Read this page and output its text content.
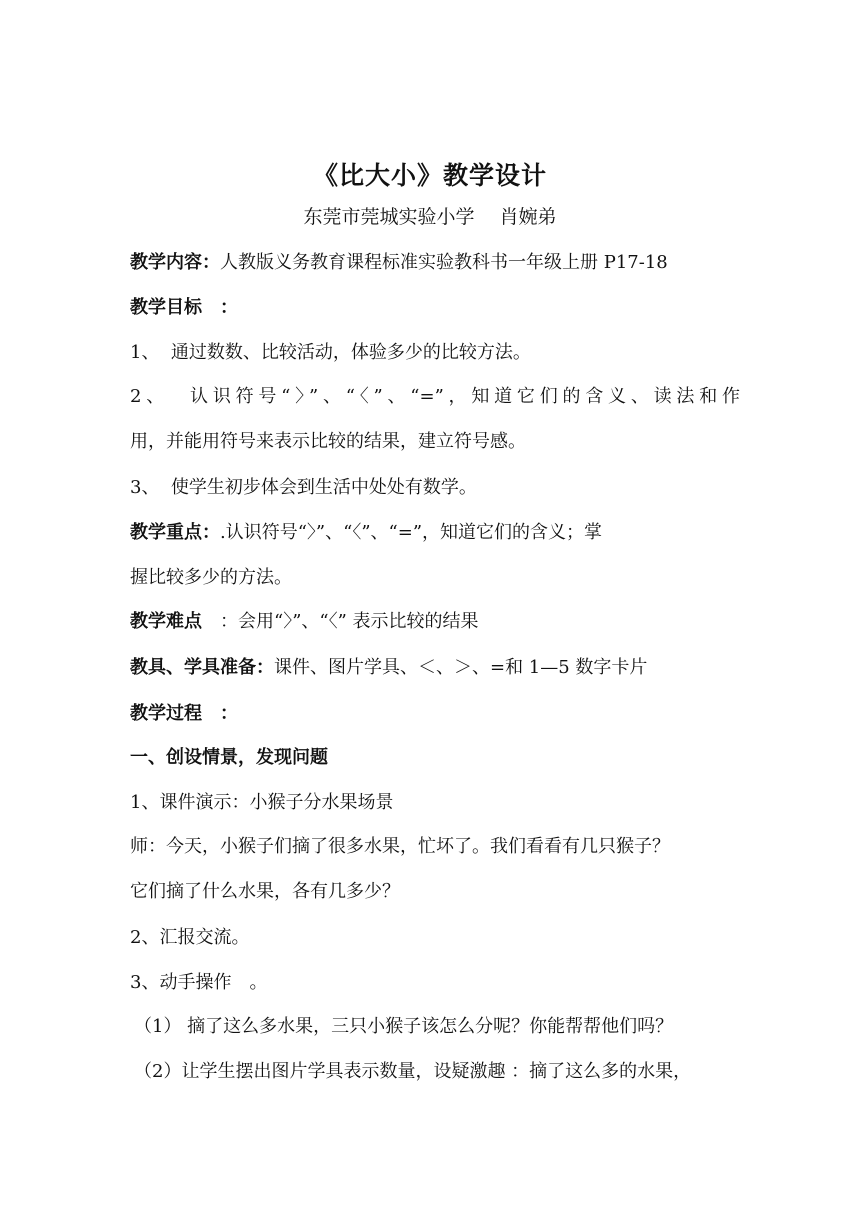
《比大小》教学设计
东莞市莞城实验小学　 肖婉弟
教学内容：人教版义务教育课程标准实验教科书一年级上册 P17-18
教学目标　：
1、  通过数数、比较活动，体验多少的比较方法。
2、  认识符号“〉”、“〈”、“=”，知道它们的含义、读法和作
用，并能用符号来表示比较的结果，建立符号感。
3、  使学生初步体会到生活中处处有数学。
教学重点：.认识符号“〉”、“〈”、“=”，知道它们的含义；掌
握比较多少的方法。
教学难点　：会用“〉”、“〈” 表示比较的结果
教具、学具准备：课件、图片学具、＜、＞、=和 1—5 数字卡片
教学过程　：
一、创设情景，发现问题
1、课件演示：小猴子分水果场景
师：今天，小猴子们摘了很多水果，忙坏了。我们看看有几只猴子？
它们摘了什么水果，各有几多少？
2、汇报交流。
3、动手操作　。
（1） 摘了这么多水果，三只小猴子该怎么分呢？你能帮帮他们吗？
（2）让学生摆出图片学具表示数量，设疑激趣 ：摘了这么多的水果，
